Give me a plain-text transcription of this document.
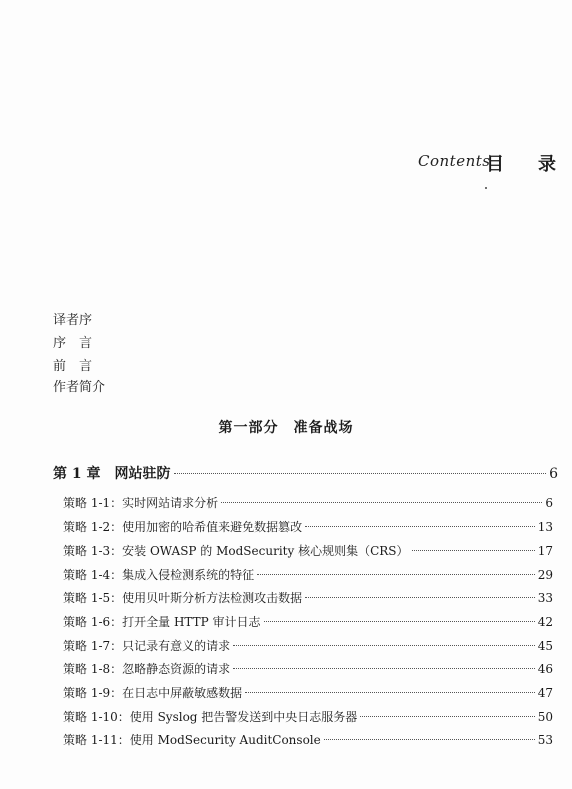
Contents
目 录
译者序
序　言
前　言
作者简介
第一部分　准备战场
第 1 章　网站驻防	6
策略 1-1：实时网站请求分析	6
策略 1-2：使用加密的哈希值来避免数据篡改	13
策略 1-3：安装 OWASP 的 ModSecurity 核心规则集（CRS）	17
策略 1-4：集成入侵检测系统的特征	29
策略 1-5：使用贝叶斯分析方法检测攻击数据	33
策略 1-6：打开全量 HTTP 审计日志	42
策略 1-7：只记录有意义的请求	45
策略 1-8：忽略静态资源的请求	46
策略 1-9：在日志中屏蔽敏感数据	47
策略 1-10：使用 Syslog 把告警发送到中央日志服务器	50
策略 1-11：使用 ModSecurity AuditConsole	53
